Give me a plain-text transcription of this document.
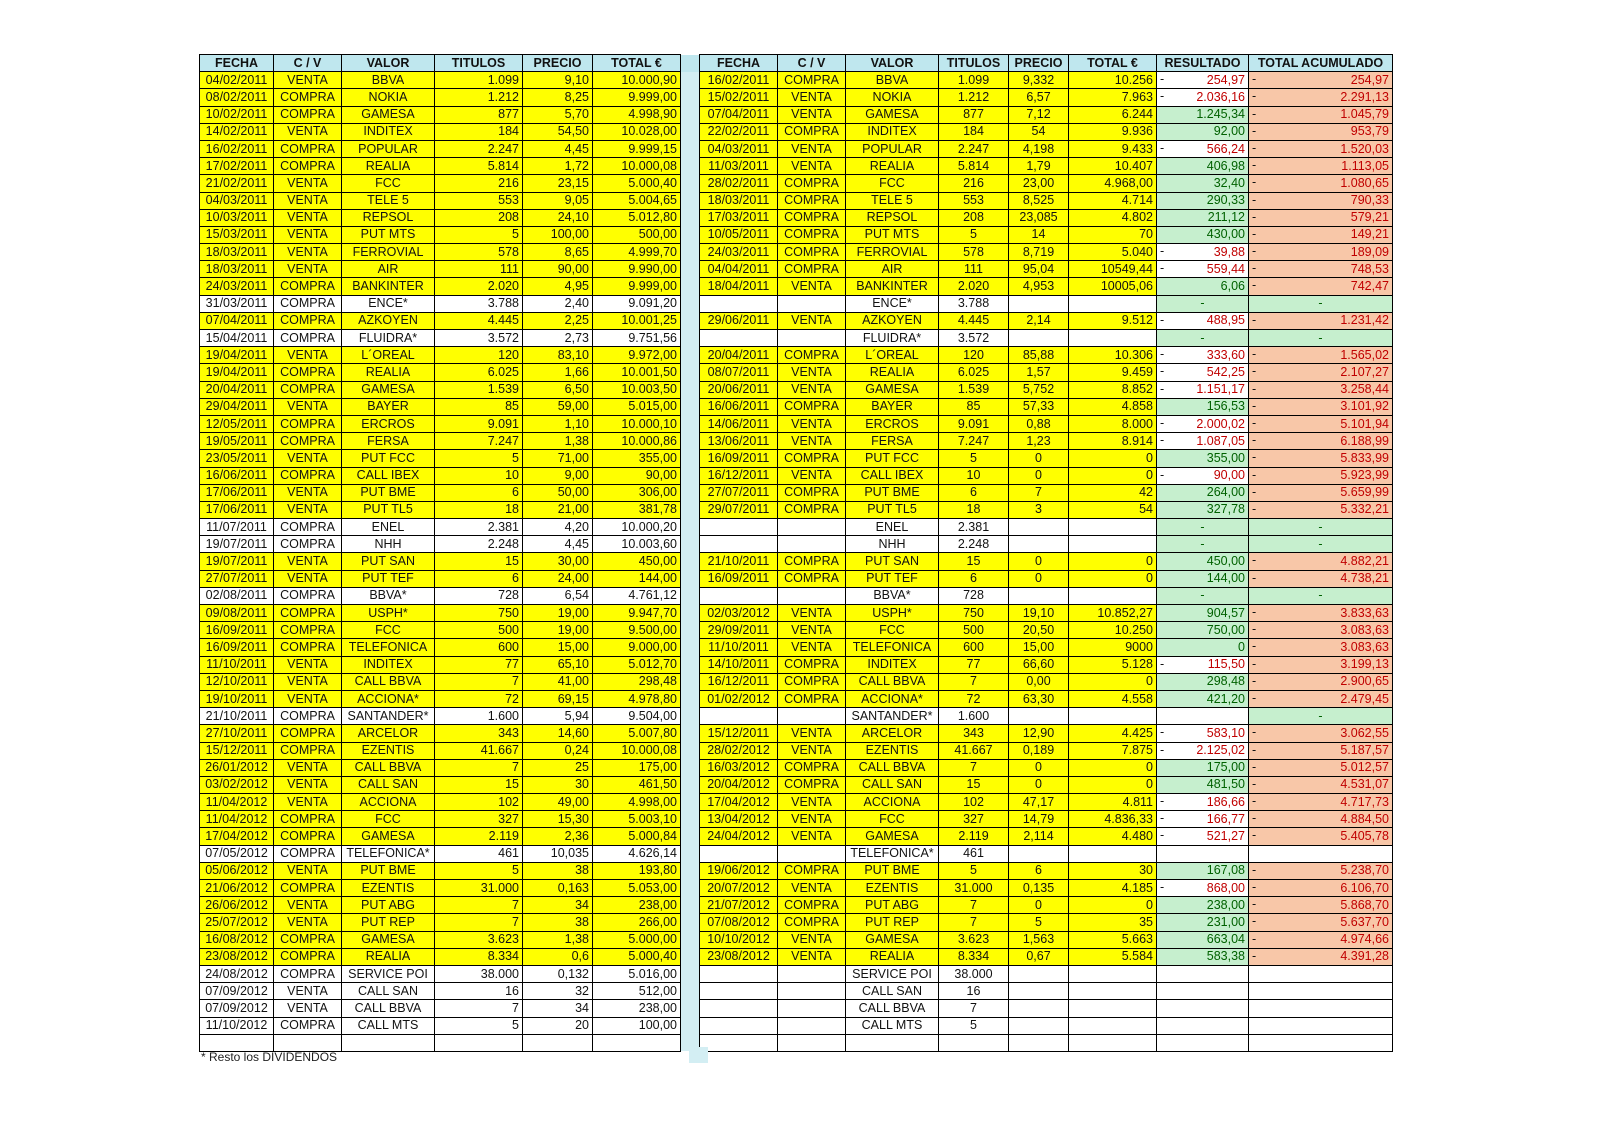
FECHA	C / V	VALOR	TITULOS	PRECIO	TOTAL €		FECHA	C / V	VALOR	TITULOS	PRECIO	TOTAL €	RESULTADO	TOTAL ACUMULADO
04/02/2011	VENTA	BBVA	1.099	9,10	10.000,90		16/02/2011	COMPRA	BBVA	1.099	9,332	10.256	- 254,97	- 254,97
08/02/2011	COMPRA	NOKIA	1.212	8,25	9.999,00		15/02/2011	VENTA	NOKIA	1.212	6,57	7.963	- 2.036,16	- 2.291,13
10/02/2011	COMPRA	GAMESA	877	5,70	4.998,90		07/04/2011	VENTA	GAMESA	877	7,12	6.244	1.245,34	- 1.045,79
14/02/2011	VENTA	INDITEX	184	54,50	10.028,00		22/02/2011	COMPRA	INDITEX	184	54	9.936	92,00	- 953,79
16/02/2011	COMPRA	POPULAR	2.247	4,45	9.999,15		04/03/2011	VENTA	POPULAR	2.247	4,198	9.433	- 566,24	- 1.520,03
17/02/2011	COMPRA	REALIA	5.814	1,72	10.000,08		11/03/2011	VENTA	REALIA	5.814	1,79	10.407	406,98	- 1.113,05
21/02/2011	VENTA	FCC	216	23,15	5.000,40		28/02/2011	COMPRA	FCC	216	23,00	4.968,00	32,40	- 1.080,65
04/03/2011	VENTA	TELE 5	553	9,05	5.004,65		18/03/2011	COMPRA	TELE 5	553	8,525	4.714	290,33	- 790,33
10/03/2011	VENTA	REPSOL	208	24,10	5.012,80		17/03/2011	COMPRA	REPSOL	208	23,085	4.802	211,12	- 579,21
15/03/2011	VENTA	PUT MTS	5	100,00	500,00		10/05/2011	COMPRA	PUT MTS	5	14	70	430,00	- 149,21
18/03/2011	VENTA	FERROVIAL	578	8,65	4.999,70		24/03/2011	COMPRA	FERROVIAL	578	8,719	5.040	- 39,88	- 189,09
18/03/2011	VENTA	AIR	111	90,00	9.990,00		04/04/2011	COMPRA	AIR	111	95,04	10549,44	- 559,44	- 748,53
24/03/2011	COMPRA	BANKINTER	2.020	4,95	9.999,00		18/04/2011	VENTA	BANKINTER	2.020	4,953	10005,06	6,06	- 742,47
31/03/2011	COMPRA	ENCE*	3.788	2,40	9.091,20				ENCE*	3.788			-	-
07/04/2011	COMPRA	AZKOYEN	4.445	2,25	10.001,25		29/06/2011	VENTA	AZKOYEN	4.445	2,14	9.512	- 488,95	- 1.231,42
15/04/2011	COMPRA	FLUIDRA*	3.572	2,73	9.751,56				FLUIDRA*	3.572			-	-
19/04/2011	VENTA	L´OREAL	120	83,10	9.972,00		20/04/2011	COMPRA	L´OREAL	120	85,88	10.306	- 333,60	- 1.565,02
19/04/2011	COMPRA	REALIA	6.025	1,66	10.001,50		08/07/2011	VENTA	REALIA	6.025	1,57	9.459	- 542,25	- 2.107,27
20/04/2011	COMPRA	GAMESA	1.539	6,50	10.003,50		20/06/2011	VENTA	GAMESA	1.539	5,752	8.852	- 1.151,17	- 3.258,44
29/04/2011	VENTA	BAYER	85	59,00	5.015,00		16/06/2011	COMPRA	BAYER	85	57,33	4.858	156,53	- 3.101,92
12/05/2011	COMPRA	ERCROS	9.091	1,10	10.000,10		14/06/2011	VENTA	ERCROS	9.091	0,88	8.000	- 2.000,02	- 5.101,94
19/05/2011	COMPRA	FERSA	7.247	1,38	10.000,86		13/06/2011	VENTA	FERSA	7.247	1,23	8.914	- 1.087,05	- 6.188,99
23/05/2011	VENTA	PUT FCC	5	71,00	355,00		16/09/2011	COMPRA	PUT FCC	5	0	0	355,00	- 5.833,99
16/06/2011	COMPRA	CALL IBEX	10	9,00	90,00		16/12/2011	VENTA	CALL IBEX	10	0	0	- 90,00	- 5.923,99
17/06/2011	VENTA	PUT BME	6	50,00	306,00		27/07/2011	COMPRA	PUT BME	6	7	42	264,00	- 5.659,99
17/06/2011	VENTA	PUT TL5	18	21,00	381,78		29/07/2011	COMPRA	PUT TL5	18	3	54	327,78	- 5.332,21
11/07/2011	COMPRA	ENEL	2.381	4,20	10.000,20				ENEL	2.381			-	-
19/07/2011	COMPRA	NHH	2.248	4,45	10.003,60				NHH	2.248			-	-
19/07/2011	VENTA	PUT SAN	15	30,00	450,00		21/10/2011	COMPRA	PUT SAN	15	0	0	450,00	- 4.882,21
27/07/2011	VENTA	PUT TEF	6	24,00	144,00		16/09/2011	COMPRA	PUT TEF	6	0	0	144,00	- 4.738,21
02/08/2011	COMPRA	BBVA*	728	6,54	4.761,12				BBVA*	728			-	-
09/08/2011	COMPRA	USPH*	750	19,00	9.947,70		02/03/2012	VENTA	USPH*	750	19,10	10.852,27	904,57	- 3.833,63
16/09/2011	COMPRA	FCC	500	19,00	9.500,00		29/09/2011	VENTA	FCC	500	20,50	10.250	750,00	- 3.083,63
16/09/2011	COMPRA	TELEFONICA	600	15,00	9.000,00		11/10/2011	VENTA	TELEFONICA	600	15,00	9000	0	- 3.083,63
11/10/2011	VENTA	INDITEX	77	65,10	5.012,70		14/10/2011	COMPRA	INDITEX	77	66,60	5.128	- 115,50	- 3.199,13
12/10/2011	VENTA	CALL BBVA	7	41,00	298,48		16/12/2011	COMPRA	CALL BBVA	7	0,00	0	298,48	- 2.900,65
19/10/2011	VENTA	ACCIONA*	72	69,15	4.978,80		01/02/2012	COMPRA	ACCIONA*	72	63,30	4.558	421,20	- 2.479,45
21/10/2011	COMPRA	SANTANDER*	1.600	5,94	9.504,00				SANTANDER*	1.600				-
27/10/2011	COMPRA	ARCELOR	343	14,60	5.007,80		15/12/2011	VENTA	ARCELOR	343	12,90	4.425	- 583,10	- 3.062,55
15/12/2011	COMPRA	EZENTIS	41.667	0,24	10.000,08		28/02/2012	VENTA	EZENTIS	41.667	0,189	7.875	- 2.125,02	- 5.187,57
26/01/2012	VENTA	CALL BBVA	7	25	175,00		16/03/2012	COMPRA	CALL BBVA	7	0	0	175,00	- 5.012,57
03/02/2012	VENTA	CALL SAN	15	30	461,50		20/04/2012	COMPRA	CALL SAN	15	0	0	481,50	- 4.531,07
11/04/2012	VENTA	ACCIONA	102	49,00	4.998,00		17/04/2012	VENTA	ACCIONA	102	47,17	4.811	- 186,66	- 4.717,73
11/04/2012	COMPRA	FCC	327	15,30	5.003,10		13/04/2012	VENTA	FCC	327	14,79	4.836,33	- 166,77	- 4.884,50
17/04/2012	COMPRA	GAMESA	2.119	2,36	5.000,84		24/04/2012	VENTA	GAMESA	2.119	2,114	4.480	- 521,27	- 5.405,78
07/05/2012	COMPRA	TELEFONICA*	461	10,035	4.626,14				TELEFONICA*	461				
05/06/2012	VENTA	PUT BME	5	38	193,80		19/06/2012	COMPRA	PUT BME	5	6	30	167,08	- 5.238,70
21/06/2012	COMPRA	EZENTIS	31.000	0,163	5.053,00		20/07/2012	VENTA	EZENTIS	31.000	0,135	4.185	- 868,00	- 6.106,70
26/06/2012	VENTA	PUT ABG	7	34	238,00		21/07/2012	COMPRA	PUT ABG	7	0	0	238,00	- 5.868,70
25/07/2012	VENTA	PUT REP	7	38	266,00		07/08/2012	COMPRA	PUT REP	7	5	35	231,00	- 5.637,70
16/08/2012	COMPRA	GAMESA	3.623	1,38	5.000,00		10/10/2012	VENTA	GAMESA	3.623	1,563	5.663	663,04	- 4.974,66
23/08/2012	COMPRA	REALIA	8.334	0,6	5.000,40		23/08/2012	VENTA	REALIA	8.334	0,67	5.584	583,38	- 4.391,28
24/08/2012	COMPRA	SERVICE POI	38.000	0,132	5.016,00				SERVICE POI	38.000				
07/09/2012	VENTA	CALL SAN	16	32	512,00				CALL SAN	16				
07/09/2012	VENTA	CALL BBVA	7	34	238,00				CALL BBVA	7				
11/10/2012	COMPRA	CALL MTS	5	20	100,00				CALL MTS	5				

* Resto los DIVIDENDOS
